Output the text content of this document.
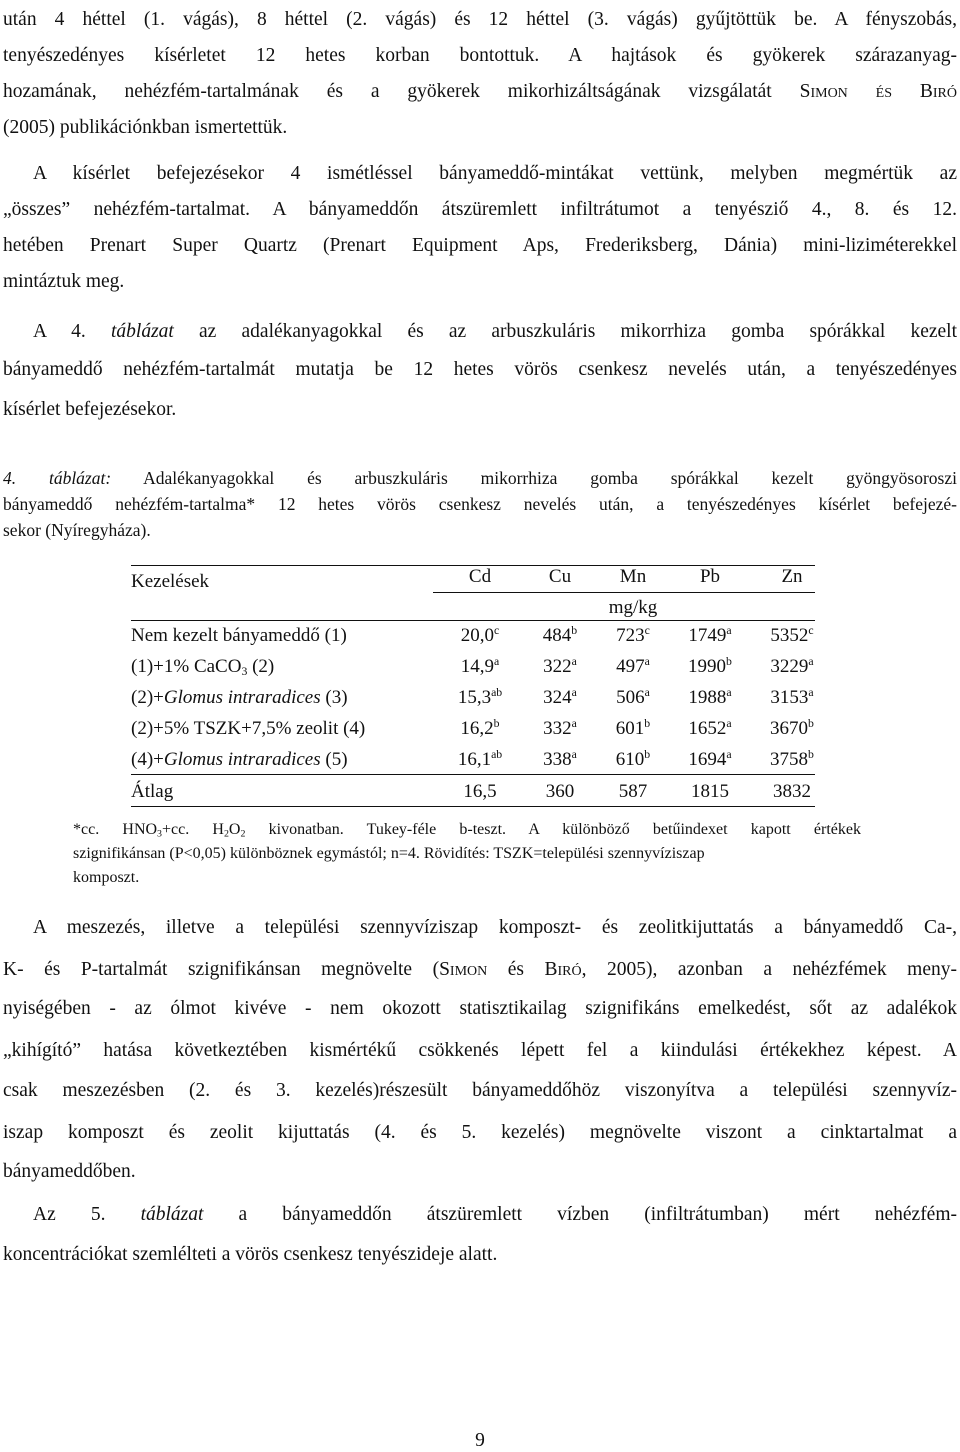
után 4 héttel (1. vágás), 8 héttel (2. vágás) és 12 héttel (3. vágás) gyűjtöttük be. A fényszobás,
tenyészedényes kísérletet 12 hetes korban bontottuk. A hajtások és gyökerek szárazanyag-
hozamának, nehézfém-tartalmának és a gyökerek mikorhizáltságának vizsgálatát Simon és Biró
(2005) publikációnkban ismertettük.
A kísérlet befejezésekor 4 ismétléssel bányameddő-mintákat vettünk, melyben megmértük az
„összes” nehézfém-tartalmat. A bányameddőn átszüremlett infiltrátumot a tenyésziő 4., 8. és 12.
hetében Prenart Super Quartz (Prenart Equipment Aps, Frederiksberg, Dánia) mini-liziméterekkel
mintáztuk meg.
A 4. táblázat az adalékanyagokkal és az arbuszkuláris mikorrhiza gomba spórákkal kezelt
bányameddő nehézfém-tartalmát mutatja be 12 hetes vörös csenkesz nevelés után, a tenyészedényes
kísérlet befejezésekor.
4. táblázat: Adalékanyagokkal és arbuszkuláris mikorrhiza gomba spórákkal kezelt gyöngyösoroszi
bányameddő nehézfém-tartalma* 12 hetes vörös csenkesz nevelés után, a tenyészedényes kísérlet befejezé-
sekor (Nyíregyháza).
Kezelések	Cd	Cu	Mn	Pb	Zn
mg/kg
Nem kezelt bányameddő (1)	20,0$^c$	484$^b$	723$^c$	1749$^a$	5352$^c$
(1)+1% CaCO$_3$ (2)	14,9$^a$	322$^a$	497$^a$	1990$^b$	3229$^a$
(2)+Glomus intraradices (3)	15,3$^{ab}$	324$^a$	506$^a$	1988$^a$	3153$^a$
(2)+5% TSZK+7,5% zeolit (4)	16,2$^b$	332$^a$	601$^b$	1652$^a$	3670$^b$
(4)+Glomus intraradices (5)	16,1$^{ab}$	338$^a$	610$^b$	1694$^a$	3758$^b$
Átlag	16,5	360	587	1815	3832
*cc. $HNO_3+cc$. $H_2O_2$ kivonatban. Tukey-féle b-teszt. A különböző betűindexet kapott értékek
szignifikánsan (P<0,05) különböznek egymástól; n=4. Rövidítés: TSZK=települési szennyvíziszap
komposzt.
A meszezés, illetve a települési szennyvíziszap komposzt- és zeolitkijuttatás a bányameddő Ca-,
K- és P-tartalmát szignifikánsan megnövelte (Simon és Biró, 2005), azonban a nehézfémek meny-
nyiségében - az ólmot kivéve - nem okozott statisztikailag szignifikáns emelkedést, sőt az adalékok
„kihígító” hatása következtében kismértékű csökkenés lépett fel a kiindulási értékekhez képest. A
csak meszezésben (2. és 3. kezelés)részesült bányameddőhöz viszonyítva a települési szennyvíz-
iszap komposzt és zeolit kijuttatás (4. és 5. kezelés) megnövelte viszont a cinktartalmat a
bányameddőben.
Az 5. táblázat a bányameddőn átszüremlett vízben (infiltrátumban) mért nehézfém-
koncentrációkat szemlélteti a vörös csenkesz tenyészideje alatt.
9
